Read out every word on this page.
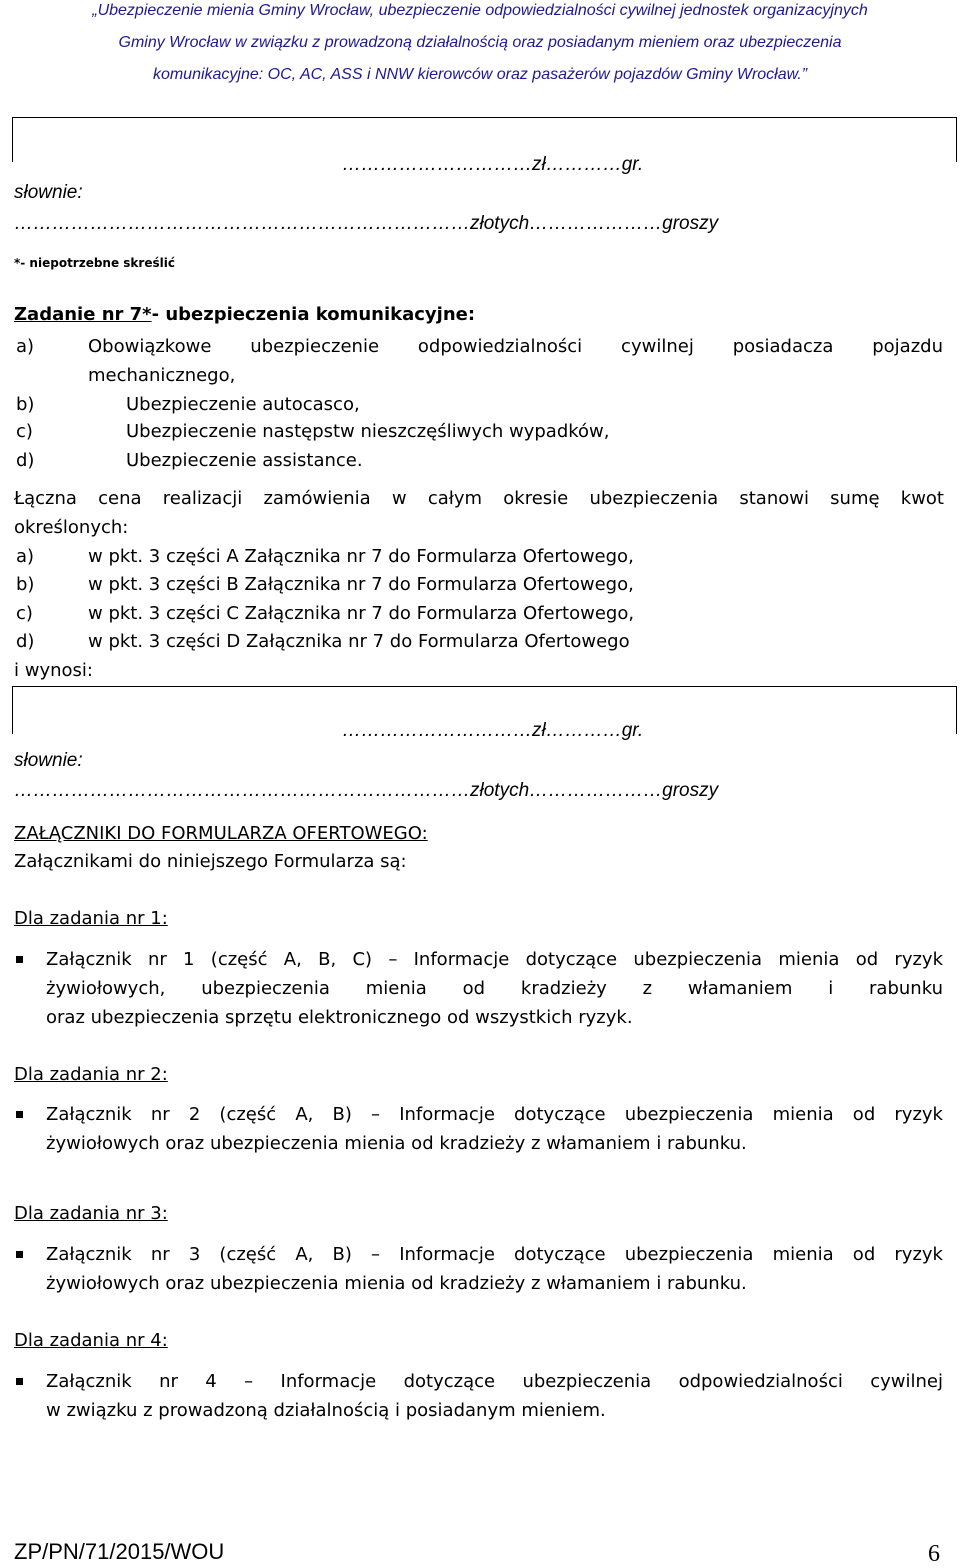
„Ubezpieczenie mienia Gminy Wrocław, ubezpieczenie odpowiedzialności cywilnej jednostek organizacyjnych
Gminy Wrocław w związku z prowadzoną działalnością oraz posiadanym mieniem oraz ubezpieczenia
komunikacyjne: OC, AC, ASS i NNW kierowców oraz pasażerów pojazdów Gminy Wrocław.”
…………………………zł…………gr.
słownie:
………………………………………………………………złotych…………………groszy
*- niepotrzebne skreślić
Zadanie nr 7*- ubezpieczenia komunikacyjne:
a)	Obowiązkowe ubezpieczenie odpowiedzialności cywilnej posiadacza pojazdu
mechanicznego,
b)	Ubezpieczenie autocasco,
c)	Ubezpieczenie następstw nieszczęśliwych wypadków,
d)	Ubezpieczenie assistance.
Łączna cena realizacji zamówienia w całym okresie ubezpieczenia stanowi sumę kwot
określonych:
a)	w pkt. 3 części A Załącznika nr 7 do Formularza Ofertowego,
b)	w pkt. 3 części B Załącznika nr 7 do Formularza Ofertowego,
c)	w pkt. 3 części C Załącznika nr 7 do Formularza Ofertowego,
d)	w pkt. 3 części D Załącznika nr 7 do Formularza Ofertowego
i wynosi:
…………………………zł…………gr.
słownie:
………………………………………………………………złotych…………………groszy
ZAŁĄCZNIKI DO FORMULARZA OFERTOWEGO:
Załącznikami do niniejszego Formularza są:
Dla zadania nr 1:
Załącznik nr 1 (część A, B, C) – Informacje dotyczące ubezpieczenia mienia od ryzyk
żywiołowych, ubezpieczenia mienia od kradzieży z włamaniem i rabunku
oraz ubezpieczenia sprzętu elektronicznego od wszystkich ryzyk.
Dla zadania nr 2:
Załącznik nr 2 (część A, B) – Informacje dotyczące ubezpieczenia mienia od ryzyk
żywiołowych oraz ubezpieczenia mienia od kradzieży z włamaniem i rabunku.
Dla zadania nr 3:
Załącznik nr 3 (część A, B) – Informacje dotyczące ubezpieczenia mienia od ryzyk
żywiołowych oraz ubezpieczenia mienia od kradzieży z włamaniem i rabunku.
Dla zadania nr 4:
Załącznik nr 4 – Informacje dotyczące ubezpieczenia odpowiedzialności cywilnej
w związku z prowadzoną działalnością i posiadanym mieniem.
ZP/PN/71/2015/WOU	6
